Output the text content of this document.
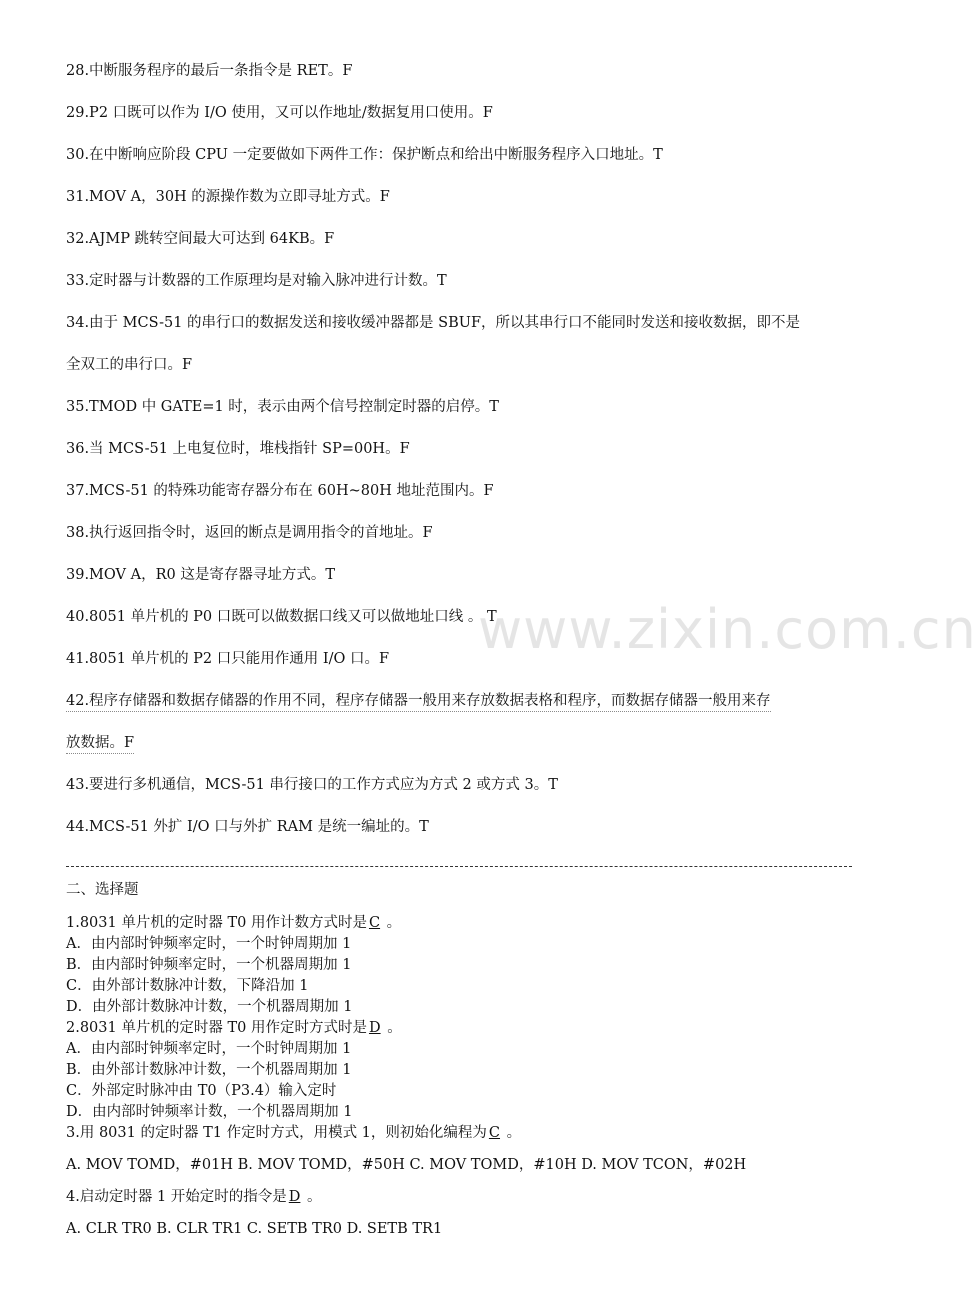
28.中断服务程序的最后一条指令是 RET。F
29.P2 口既可以作为 I/O 使用，又可以作地址/数据复用口使用。F
30.在中断响应阶段 CPU 一定要做如下两件工作：保护断点和给出中断服务程序入口地址。T
31.MOV A，30H 的源操作数为立即寻址方式。F
32.AJMP 跳转空间最大可达到 64KB。F
33.定时器与计数器的工作原理均是对输入脉冲进行计数。T
34.由于 MCS-51 的串行口的数据发送和接收缓冲器都是 SBUF，所以其串行口不能同时发送和接收数据，即不是
全双工的串行口。F
35.TMOD 中 GATE=1 时，表示由两个信号控制定时器的启停。T
36.当 MCS-51 上电复位时，堆栈指针 SP=00H。F
37.MCS-51 的特殊功能寄存器分布在 60H~80H 地址范围内。F
38.执行返回指令时，返回的断点是调用指令的首地址。F
39.MOV A，R0 这是寄存器寻址方式。T
40.8051 单片机的 P0 口既可以做数据口线又可以做地址口线 。 T
41.8051 单片机的 P2 口只能用作通用 I/O 口。F
42.程序存储器和数据存储器的作用不同，程序存储器一般用来存放数据表格和程序，而数据存储器一般用来存
放数据。F
43.要进行多机通信，MCS-51 串行接口的工作方式应为方式 2 或方式 3。T
44.MCS-51 外扩 I/O 口与外扩 RAM 是统一编址的。T
二、选择题
1.8031 单片机的定时器 T0 用作计数方式时是C 。
A．由内部时钟频率定时，一个时钟周期加 1
B．由内部时钟频率定时，一个机器周期加 1
C．由外部计数脉冲计数，下降沿加 1
D．由外部计数脉冲计数，一个机器周期加 1
2.8031 单片机的定时器 T0 用作定时方式时是D 。
A．由内部时钟频率定时，一个时钟周期加 1
B．由外部计数脉冲计数，一个机器周期加 1
C．外部定时脉冲由 T0（P3.4）输入定时
D．由内部时钟频率计数，一个机器周期加 1
3.用 8031 的定时器 T1 作定时方式，用模式 1，则初始化编程为C 。
A. MOV TOMD，#01H B. MOV TOMD，#50H C. MOV TOMD，#10H D. MOV TCON，#02H
4.启动定时器 1 开始定时的指令是D 。
A. CLR TR0 B. CLR TR1 C. SETB TR0 D. SETB TR1
www.zixin.com.cn
